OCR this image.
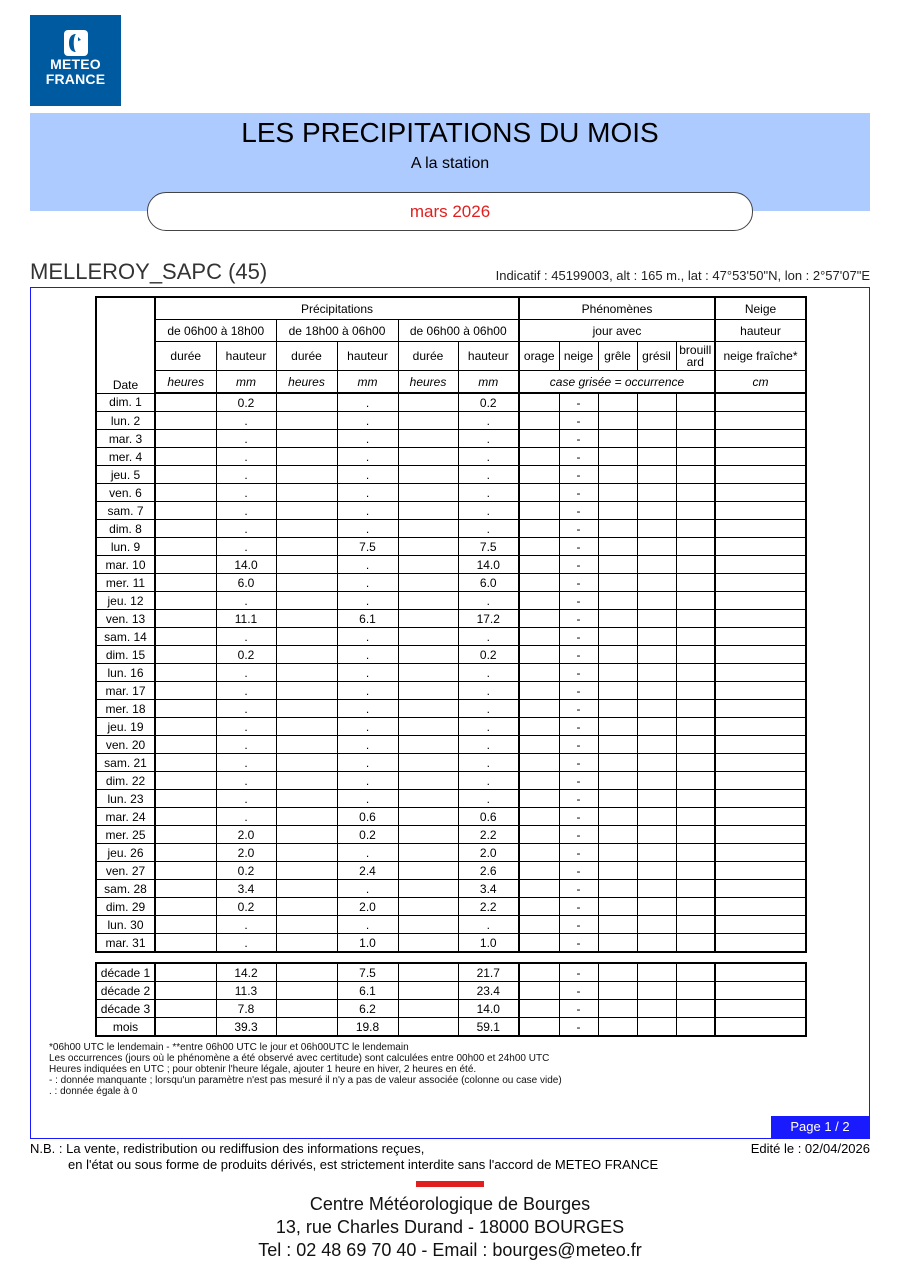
METEO
FRANCE
LES PRECIPITATIONS DU MOIS
A la station
mars 2026
MELLEROY_SAPC (45)	Indicatif : 45199003, alt : 165 m., lat : 47°53'50"N, lon : 2°57'07"E
Date	Précipitations						Phénomènes					Neige
	de 06h00 à 18h00		de 18h00 à 06h00		de 06h00 à 06h00		jour avec					hauteur
	durée	hauteur	durée	hauteur	durée	hauteur	orage	neige	grêle	grésil	brouill ard	neige fraîche*
	heures	mm	heures	mm	heures	mm	case grisée = occurrence					cm
dim. 1		0.2		.		0.2		-				
lun. 2		.		.		.		-				
mar. 3		.		.		.		-				
mer. 4		.		.		.		-				
jeu. 5		.		.		.		-				
ven. 6		.		.		.		-				
sam. 7		.		.		.		-				
dim. 8		.		.		.		-				
lun. 9		.		7.5		7.5		-				
mar. 10		14.0		.		14.0		-				
mer. 11		6.0		.		6.0		-				
jeu. 12		.		.		.		-				
ven. 13		11.1		6.1		17.2		-				
sam. 14		.		.		.		-				
dim. 15		0.2		.		0.2		-				
lun. 16		.		.		.		-				
mar. 17		.		.		.		-				
mer. 18		.		.		.		-				
jeu. 19		.		.		.		-				
ven. 20		.		.		.		-				
sam. 21		.		.		.		-				
dim. 22		.		.		.		-				
lun. 23		.		.		.		-				
mar. 24		.		0.6		0.6		-				
mer. 25		2.0		0.2		2.2		-				
jeu. 26		2.0		.		2.0		-				
ven. 27		0.2		2.4		2.6		-				
sam. 28		3.4		.		3.4		-				
dim. 29		0.2		2.0		2.2		-				
lun. 30		.		.		.		-				
mar. 31		.		1.0		1.0		-				
décade 1		14.2		7.5		21.7		-				
décade 2		11.3		6.1		23.4		-				
décade 3		7.8		6.2		14.0		-				
mois		39.3		19.8		59.1		-				
*06h00 UTC le lendemain - **entre 06h00 UTC le jour et 06h00UTC le lendemain
Les occurrences (jours où le phénomène a été observé avec certitude) sont calculées entre 00h00 et 24h00 UTC
Heures indiquées en UTC ; pour obtenir l'heure légale, ajouter 1 heure en hiver, 2 heures en été.
- : donnée manquante ; lorsqu'un paramètre n'est pas mesuré il n'y a pas de valeur associée (colonne ou case vide)
. : donnée égale à 0
Page 1 / 2
N.B. : La vente, redistribution ou rediffusion des informations reçues,
en l'état ou sous forme de produits dérivés, est strictement interdite sans l'accord de METEO FRANCE
Edité le : 02/04/2026
Centre Météorologique de Bourges
13, rue Charles Durand - 18000 BOURGES
Tel : 02 48 69 70 40 - Email : bourges@meteo.fr
